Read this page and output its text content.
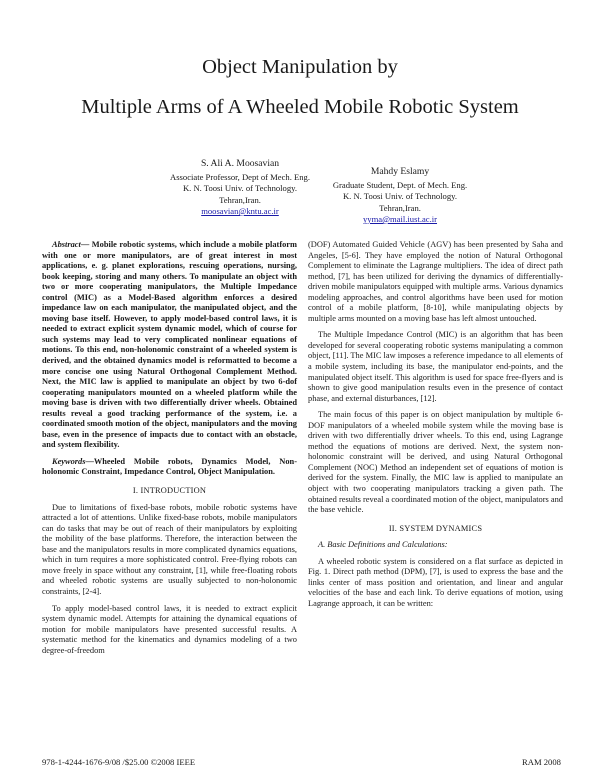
Object Manipulation by
Multiple Arms of A Wheeled Mobile Robotic System
S. Ali A. Moosavian
Associate Professor, Dept of Mech. Eng.
K. N. Toosi Univ. of Technology.
Tehran,Iran.
moosavian@kntu.ac.ir
Mahdy Eslamy
Graduate Student, Dept. of Mech. Eng.
K. N. Toosi Univ. of Technology.
Tehran,Iran.
yyma@mail.iust.ac.ir

Abstract— Mobile robotic systems, which include a mobile platform with one or more manipulators, are of great interest in most applications, e. g. planet explorations, rescuing operations, nursing, book keeping, storing and many others. To manipulate an object with two or more cooperating manipulators, the Multiple Impedance control (MIC) as a Model-Based algorithm enforces a desired impedance law on each manipulator, the manipulated object, and the moving base itself. However, to apply model-based control laws, it is needed to extract explicit system dynamic model, which of course for such systems may lead to very complicated nonlinear equations of motions. To this end, non-holonomic constraint of a wheeled system is derived, and the obtained dynamics model is reformatted to become a more concise one using Natural Orthogonal Complement Method. Next, the MIC law is applied to manipulate an object by two 6-dof cooperating manipulators mounted on a wheeled platform while the moving base is driven with two differentially driver wheels. Obtained results reveal a good tracking performance of the system, i.e. a coordinated smooth motion of the object, manipulators and the moving base, even in the presence of impacts due to contact with an obstacle, and system flexibility.

Keywords—Wheeled Mobile robots, Dynamics Model, Non-holonomic Constraint, Impedance Control, Object Manipulation.

I. INTRODUCTION

Due to limitations of fixed-base robots, mobile robotic systems have attracted a lot of attentions. Unlike fixed-base robots, mobile manipulators can do tasks that may be out of reach of their manipulators by exploiting the mobility of the base platforms. Therefore, the interaction between the base and the manipulators results in more complicated dynamics equations, which in turn requires a more sophisticated control. Free-flying robots can move freely in space without any constraint, [1], while free-floating robots and wheeled robotic systems are usually subjected to non-holonomic constraints, [2-4].

To apply model-based control laws, it is needed to extract explicit system dynamic model. Attempts for attaining the dynamical equations of motion for mobile manipulators have presented successful results. A systematic method for the kinematics and dynamics modeling of a two degree-of-freedom

(DOF) Automated Guided Vehicle (AGV) has been presented by Saha and Angeles, [5-6]. They have employed the notion of Natural Orthogonal Complement to eliminate the Lagrange multipliers. The idea of direct path method, [7], has been utilized for deriving the dynamics of differentially-driven mobile manipulators equipped with multiple arms. Various dynamics modeling approaches, and control algorithms have been used for motion control of a mobile platform, [8-10], while manipulating objects by multiple arms mounted on a moving base has left almost untouched.

The Multiple Impedance Control (MIC) is an algorithm that has been developed for several cooperating robotic systems manipulating a common object, [11]. The MIC law imposes a reference impedance to all elements of a mobile system, including its base, the manipulator end-points, and the manipulated object itself. This algorithm is used for space free-flyers and is shown to give good manipulation results even in the presence of contact phase, and external disturbances, [12].

The main focus of this paper is on object manipulation by multiple 6-DOF manipulators of a wheeled mobile system while the moving base is driven with two differentially driver wheels. To this end, using Lagrange method the equations of motions are derived. Next, the system non-holonomic constraint will be derived, and using Natural Orthogonal Complement (NOC) Method an independent set of equations of motion is derived for the system. Finally, the MIC law is applied to manipulate an object with two cooperating manipulators tracking a given path. The obtained results reveal a coordinated motion of the object, manipulators and the base vehicle.

II. SYSTEM DYNAMICS

A. Basic Definitions and Calculations:

A wheeled robotic system is considered on a flat surface as depicted in Fig. 1. Direct path method (DPM), [7], is used to express the base and the links center of mass position and orientation, and linear and angular velocities of the base and each link. To derive equations of motion, using Lagrange approach, it can be written:

978-1-4244-1676-9/08 /$25.00 ©2008 IEEE	RAM 2008
